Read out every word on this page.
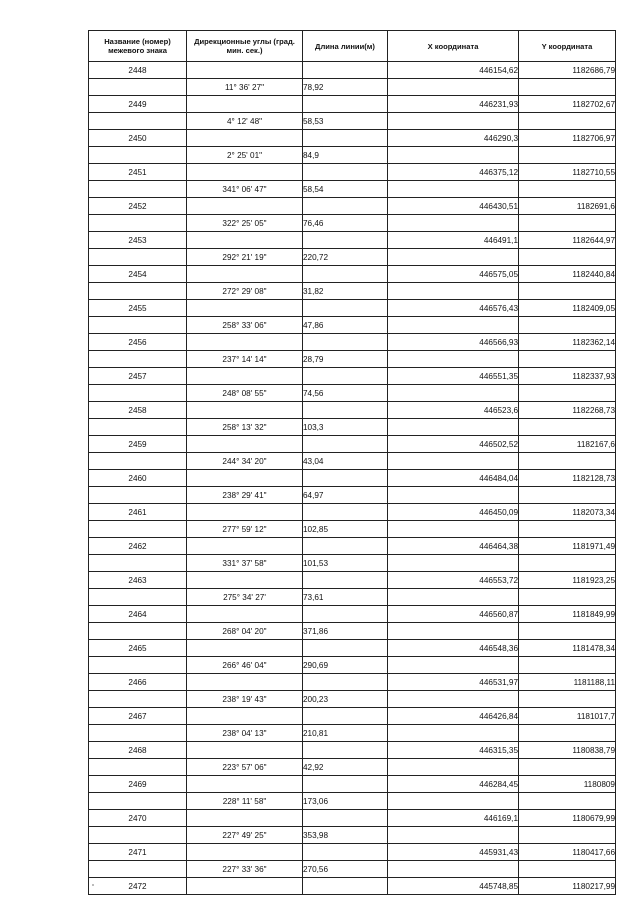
Название (номер) межевого знака	Дирекционные углы (град. мин. сек.)	Длина линии(м)	X координата	Y координата
2448			446154,62	1182686,79
	11° 36' 27"	78,92		
2449			446231,93	1182702,67
	4° 12' 48"	58,53		
2450			446290,3	1182706,97
	2° 25' 01"	84,9		
2451			446375,12	1182710,55
	341° 06' 47"	58,54		
2452			446430,51	1182691,6
	322° 25' 05"	76,46		
2453			446491,1	1182644,97
	292° 21' 19"	220,72		
2454			446575,05	1182440,84
	272° 29' 08"	31,82		
2455			446576,43	1182409,05
	258° 33' 06"	47,86		
2456			446566,93	1182362,14
	237° 14' 14"	28,79		
2457			446551,35	1182337,93
	248° 08' 55"	74,56		
2458			446523,6	1182268,73
	258° 13' 32"	103,3		
2459			446502,52	1182167,6
	244° 34' 20"	43,04		
2460			446484,04	1182128,73
	238° 29' 41"	64,97		
2461			446450,09	1182073,34
	277° 59' 12"	102,85		
2462			446464,38	1181971,49
	331° 37' 58"	101,53		
2463			446553,72	1181923,25
	275° 34' 27'	73,61		
2464			446560,87	1181849,99
	268° 04' 20"	371,86		
2465			446548,36	1181478,34
	266° 46' 04"	290,69		
2466			446531,97	1181188,11
	238° 19' 43"	200,23		
2467			446426,84	1181017,7
	238° 04' 13"	210,81		
2468			446315,35	1180838,79
	223° 57' 06"	42,92		
2469			446284,45	1180809
	228° 11' 58"	173,06		
2470			446169,1	1180679,99
	227° 49' 25"	353,98		
2471			445931,43	1180417,66
	227° 33' 36"	270,56		
2472			445748,85	1180217,99
